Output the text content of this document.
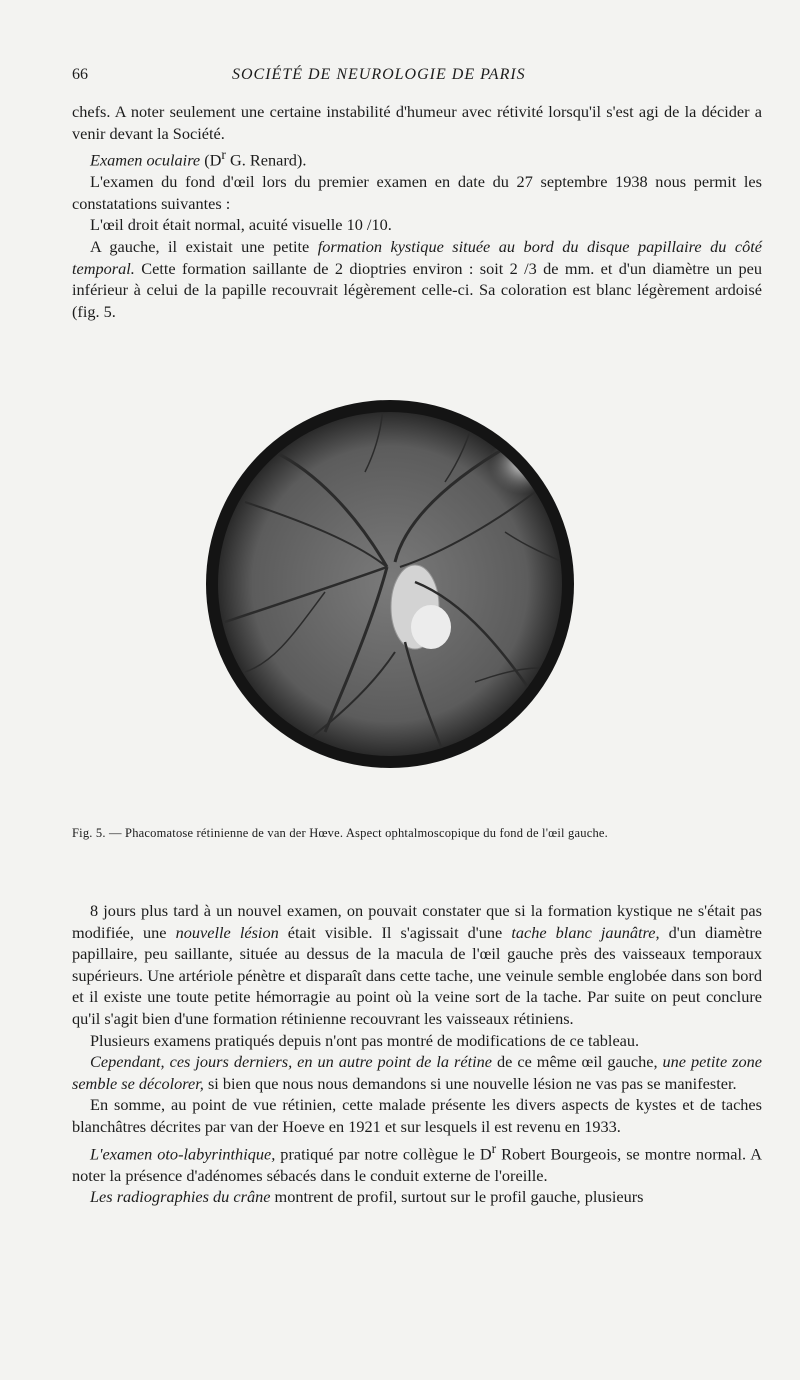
66	SOCIÉTÉ DE NEUROLOGIE DE PARIS

chefs. A noter seulement une certaine instabilité d'humeur avec rétivité lorsqu'il s'est agi de la décider a venir devant la Société.

Examen oculaire ($D^r$ G. Renard).

L'examen du fond d'œil lors du premier examen en date du 27 septembre 1938 nous permit les constatations suivantes :

L'œil droit était normal, acuité visuelle 10 /10.

A gauche, il existait une petite formation kystique située au bord du disque papillaire du côté temporal. Cette formation saillante de 2 dioptries environ : soit 2 /3 de mm. et d'un diamètre un peu inférieur à celui de la papille recouvrait légèrement celle-ci. Sa coloration est blanc légèrement ardoisé (fig. 5.

Fig. 5. — Phacomatose rétinienne de van der Hœve. Aspect ophtalmoscopique du fond de l'œil gauche.

8 jours plus tard à un nouvel examen, on pouvait constater que si la formation kystique ne s'était pas modifiée, une nouvelle lésion était visible. Il s'agissait d'une tache blanc jaunâtre, d'un diamètre papillaire, peu saillante, située au dessus de la macula de l'œil gauche près des vaisseaux temporaux supérieurs. Une artériole pénètre et disparaît dans cette tache, une veinule semble englobée dans son bord et il existe une toute petite hémorragie au point où la veine sort de la tache. Par suite on peut conclure qu'il s'agit bien d'une formation rétinienne recouvrant les vaisseaux rétiniens.

Plusieurs examens pratiqués depuis n'ont pas montré de modifications de ce tableau.

Cependant, ces jours derniers, en un autre point de la rétine de ce même œil gauche, une petite zone semble se décolorer, si bien que nous nous demandons si une nouvelle lésion ne vas pas se manifester.

En somme, au point de vue rétinien, cette malade présente les divers aspects de kystes et de taches blanchâtres décrites par van der Hoeve en 1921 et sur lesquels il est revenu en 1933.

L'examen oto-labyrinthique, pratiqué par notre collègue le $D^r$ Robert Bourgeois, se montre normal. A noter la présence d'adénomes sébacés dans le conduit externe de l'oreille.

Les radiographies du crâne montrent de profil, surtout sur le profil gauche, plusieurs
